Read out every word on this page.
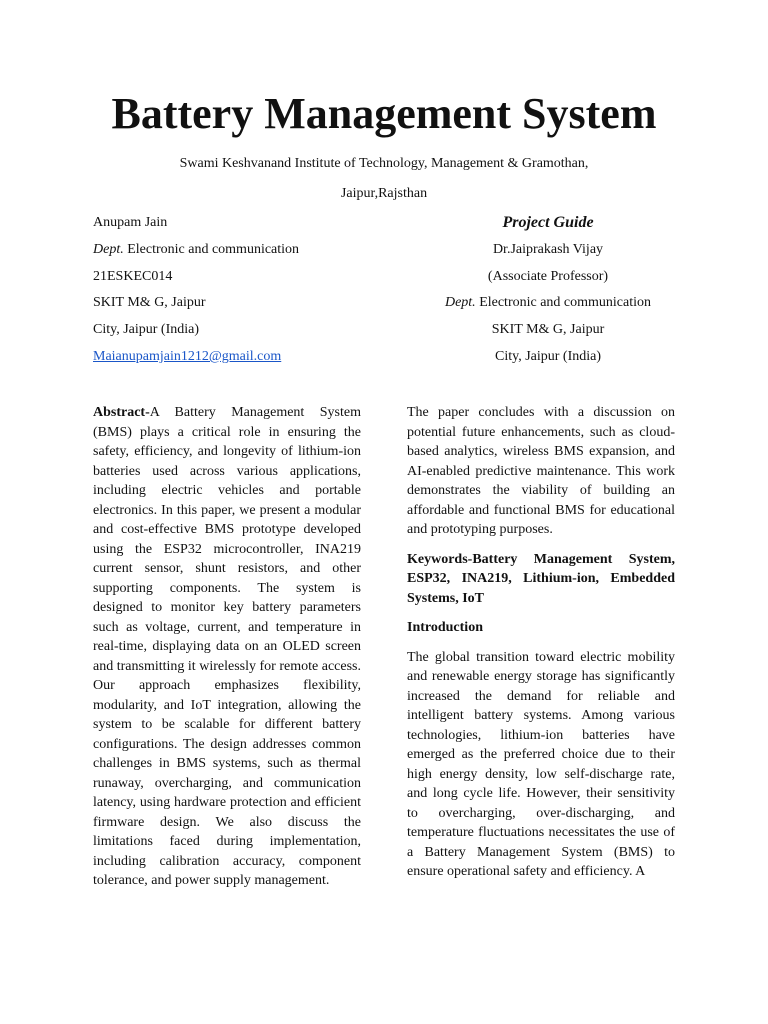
Battery Management System
Swami Keshvanand Institute of Technology, Management & Gramothan,
Jaipur,Rajsthan
Anupam Jain
Dept. Electronic and communication
21ESKEC014
SKIT M& G, Jaipur
City, Jaipur (India)
Maianupamjain1212@gmail.com
Project Guide
Dr.Jaiprakash Vijay
(Associate Professor)
Dept. Electronic and communication
SKIT M& G, Jaipur
City, Jaipur (India)

Abstract-A Battery Management System (BMS) plays a critical role in ensuring the safety, efficiency, and longevity of lithium-ion batteries used across various applications, including electric vehicles and portable electronics. In this paper, we present a modular and cost-effective BMS prototype developed using the ESP32 microcontroller, INA219 current sensor, shunt resistors, and other supporting components. The system is designed to monitor key battery parameters such as voltage, current, and temperature in real-time, displaying data on an OLED screen and transmitting it wirelessly for remote access. Our approach emphasizes flexibility, modularity, and IoT integration, allowing the system to be scalable for different battery configurations. The design addresses common challenges in BMS systems, such as thermal runaway, overcharging, and communication latency, using hardware protection and efficient firmware design. We also discuss the limitations faced during implementation, including calibration accuracy, component tolerance, and power supply management.

The paper concludes with a discussion on potential future enhancements, such as cloud-based analytics, wireless BMS expansion, and AI-enabled predictive maintenance. This work demonstrates the viability of building an affordable and functional BMS for educational and prototyping purposes.

Keywords-Battery Management System, ESP32, INA219, Lithium-ion, Embedded Systems, IoT

Introduction

The global transition toward electric mobility and renewable energy storage has significantly increased the demand for reliable and intelligent battery systems. Among various technologies, lithium-ion batteries have emerged as the preferred choice due to their high energy density, low self-discharge rate, and long cycle life. However, their sensitivity to overcharging, over-discharging, and temperature fluctuations necessitates the use of a Battery Management System (BMS) to ensure operational safety and efficiency. A
